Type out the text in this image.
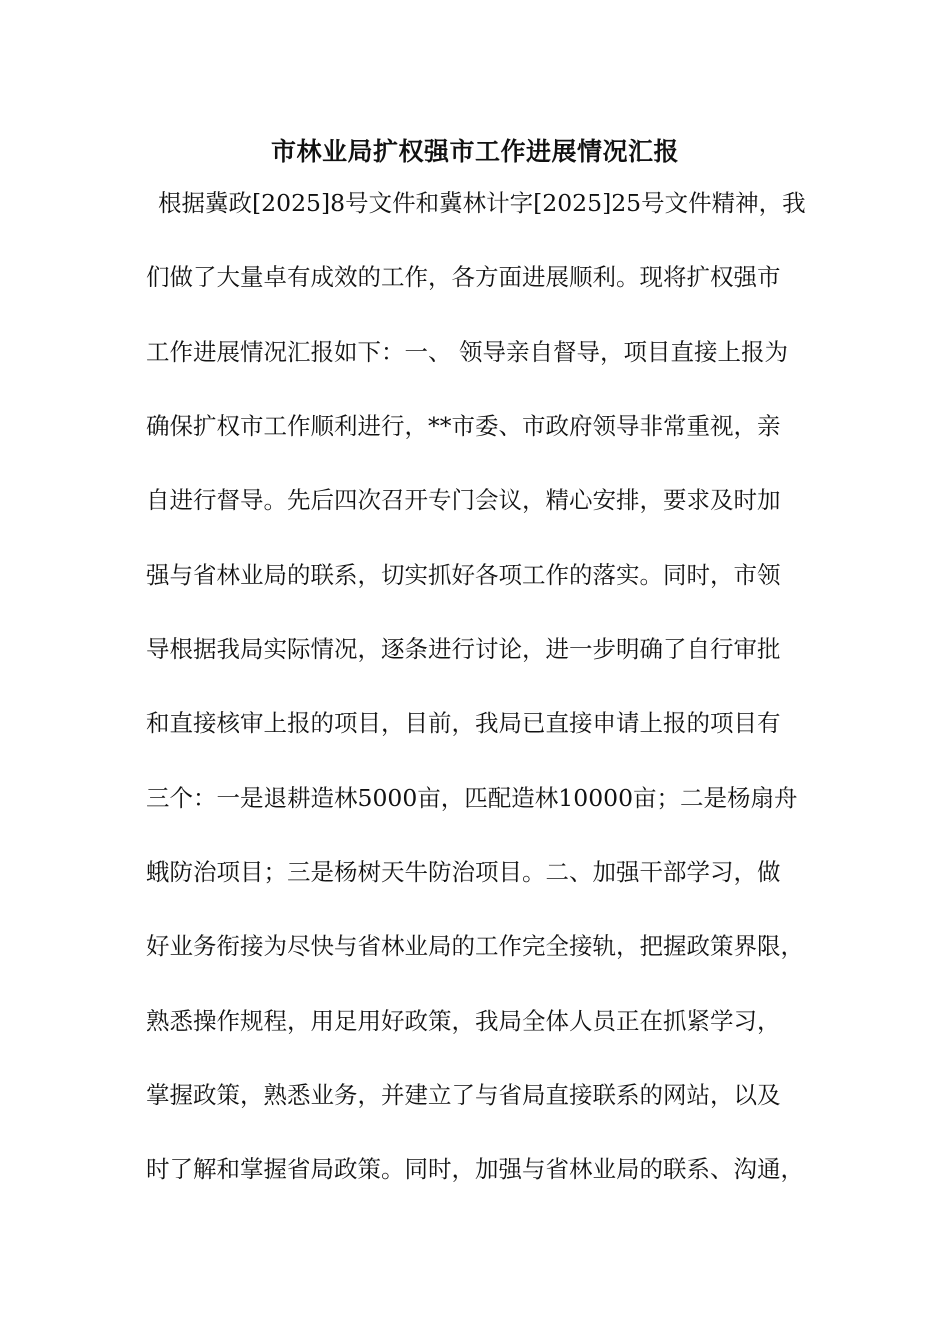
市林业局扩权强市工作进展情况汇报
根据冀政[2025]8号文件和冀林计字[2025]25号文件精神，我
们做了大量卓有成效的工作，各方面进展顺利。现将扩权强市
工作进展情况汇报如下：一、 领导亲自督导，项目直接上报为
确保扩权市工作顺利进行，**市委、市政府领导非常重视，亲
自进行督导。先后四次召开专门会议，精心安排，要求及时加
强与省林业局的联系，切实抓好各项工作的落实。同时，市领
导根据我局实际情况，逐条进行讨论，进一步明确了自行审批
和直接核审上报的项目，目前，我局已直接申请上报的项目有
三个：一是退耕造林5000亩，匹配造林10000亩；二是杨扇舟
蛾防治项目；三是杨树天牛防治项目。二、加强干部学习，做
好业务衔接为尽快与省林业局的工作完全接轨，把握政策界限，
熟悉操作规程，用足用好政策，我局全体人员正在抓紧学习，
掌握政策，熟悉业务，并建立了与省局直接联系的网站，以及
时了解和掌握省局政策。同时，加强与省林业局的联系、沟通，
